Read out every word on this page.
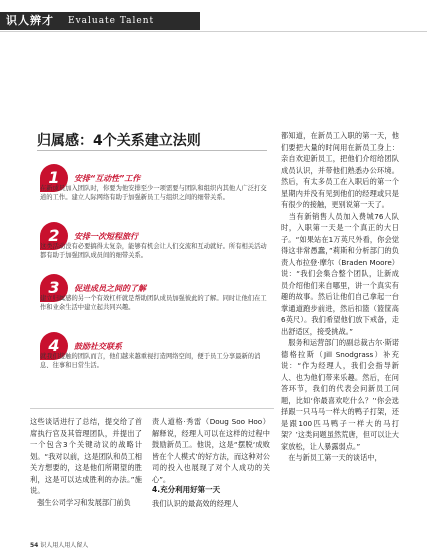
识人辨才 Evaluate Talent
归属感：4个关系建立法则
1	安排“互动性”工作
在新成员加入团队时，你要为他安排至少一项需要与团队和组织内其他人广泛打交道的工作。建立人际网络有助于加强新员工与组织之间的细带关系。
2	安排一次短程旅行
这类活动没有必要搞得太复杂，能够有机会让人们交流和互动就好。所有相关活动都有助于加强团队成员间的细带关系。
3	促进成员之间的了解
建立归属感的另一个有效杠杆就是帮助团队成员加强彼此的了解。同时让他们在工作和业余生活中建立起共同兴趣。
4	鼓励社交联系
就我们接触的团队而言，他们越来越重视打造网络空间，便于员工分享最新的消息、往事和日常生活。
这些谈话进行了总结，提交给了首席执行官及其管理团队，并提出了一个包含3个关键动议的战略计划。“我对以前，这是团队和员工相关方想要的，这是他们所期望的胜利，这是可以达成胜利的办法。”施说。
　强生公司学习和发展部门前负
责人道格·秀雷（Doug Soo Hoo）解释说，经理人可以在这样的过程中鼓励新员工。他说，这是“摆脱‘成败皆在个人模式’的好方法，而这种对公司的投入也展现了对个人成功的关心”。
4.充分利用好第一天
我们认识的最高效的经理人
都知道，在新员工入职的第一天，他们要把大量的时间用在新员工身上：亲自欢迎新员工，把他们介绍给团队成员认识，并带他们熟悉办公环境。然后，有太多员工在入职后的第一个星期内并没有见到他们的经理或只是有很少的接触，更别说第一天了。
　当有新销售人员加入费城76人队时，入职第一天是一个真正的大日子。“如果站在1万英尺外看，你会觉得这非常愚蠢，”莉斯和分析部门的负责人布拉登·摩尔（Braden Moore）说：“我们会集合整个团队，让新成员介绍他们来自哪里，讲一个真实有趣的故事。然后让他们自己拿起一台掌通道跑步前进，然后扣篮（篮筐高6英尺）。我们希望他们放下戒备，走出舒适区，接受挑战。”
　服务和运营部门的副总裁古尔·斯诺德格拉斯（Jill Snodgrass）补充说：“作为经理人，我们会指导新人、也为他们带来乐趣。然后，在问答环节，我们的代表会问新员工问题，比如‘你最喜欢吃什么？’‘你会选择跟一只马马一样大的鸭子打架，还是跟100匹马鸭子一样大的马打架？’这类问题虽然荒唐，但可以让大家放松，让人暴露弱点。”
　在与新员工第一天的谈话中，
54 识人用人用人留人
